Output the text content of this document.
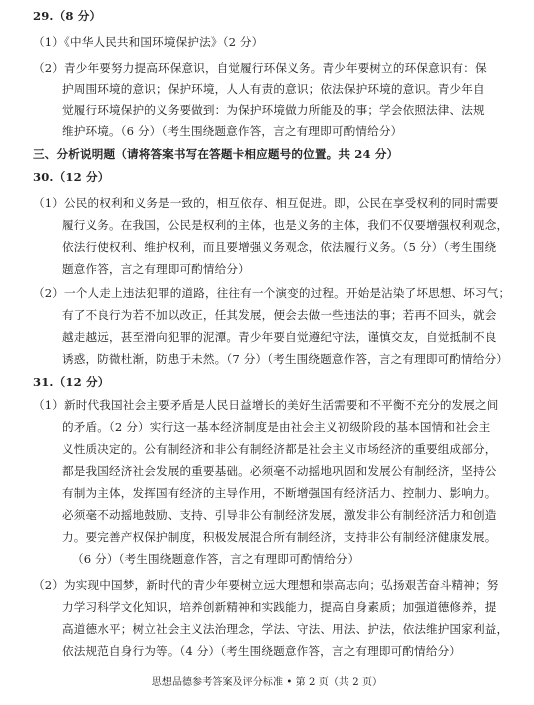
29.（8 分）
（1）《中华人民共和国环境保护法》（2 分）
（2）青少年要努力提高环保意识，自觉履行环保义务。青少年要树立的环保意识有：保
护周围环境的意识；保护环境，人人有责的意识；依法保护环境的意识。青少年自
觉履行环境保护的义务要做到：为保护环境做力所能及的事；学会依照法律、法规
维护环境。（6 分）（考生围绕题意作答，言之有理即可酌情给分）
三、分析说明题（请将答案书写在答题卡相应题号的位置。共 24 分）
30.（12 分）
（1）公民的权利和义务是一致的，相互依存、相互促进。即，公民在享受权利的同时需要
履行义务。在我国，公民是权利的主体，也是义务的主体，我们不仅要增强权利观念，
依法行使权利、维护权利，而且要增强义务观念，依法履行义务。（5 分）（考生围绕
题意作答，言之有理即可酌情给分）
（2）一个人走上违法犯罪的道路，往往有一个演变的过程。开始是沾染了坏思想、坏习气；
有了不良行为若不加以改正，任其发展，便会去做一些违法的事；若再不回头，就会
越走越远，甚至滑向犯罪的泥潭。青少年要自觉遵纪守法，谨慎交友，自觉抵制不良
诱惑，防微杜渐，防患于未然。（7 分）（考生围绕题意作答，言之有理即可酌情给分）
31.（12 分）
（1）新时代我国社会主要矛盾是人民日益增长的美好生活需要和不平衡不充分的发展之间
的矛盾。（2 分）实行这一基本经济制度是由社会主义初级阶段的基本国情和社会主
义性质决定的。公有制经济和非公有制经济都是社会主义市场经济的重要组成部分，
都是我国经济社会发展的重要基础。必须毫不动摇地巩固和发展公有制经济，坚持公
有制为主体，发挥国有经济的主导作用，不断增强国有经济活力、控制力、影响力。
必须毫不动摇地鼓励、支持、引导非公有制经济发展，激发非公有制经济活力和创造
力。要完善产权保护制度，积极发展混合所有制经济，支持非公有制经济健康发展。
（6 分）（考生围绕题意作答，言之有理即可酌情给分）
（2）为实现中国梦，新时代的青少年要树立远大理想和崇高志向；弘扬艰苦奋斗精神；努
力学习科学文化知识，培养创新精神和实践能力，提高自身素质；加强道德修养，提
高道德水平；树立社会主义法治理念，学法、守法、用法、护法，依法维护国家利益，
依法规范自身行为等。（4 分）（考生围绕题意作答，言之有理即可酌情给分）
思想品德参考答案及评分标准 • 第 2 页（共 2 页）
